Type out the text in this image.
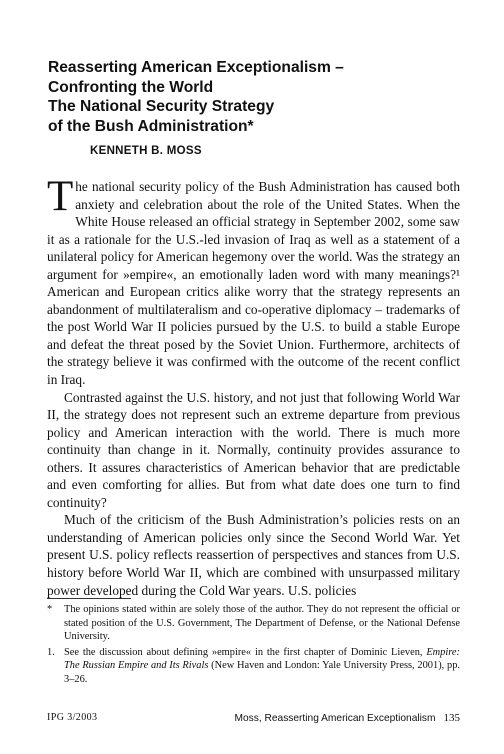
Reasserting American Exceptionalism –
Confronting the World
The National Security Strategy
of the Bush Administration*
KENNETH B. MOSS

The national security policy of the Bush Administration has caused both anxiety and celebration about the role of the United States. When the White House released an official strategy in September 2002, some saw it as a rationale for the U.S.-led invasion of Iraq as well as a statement of a unilateral policy for American hegemony over the world. Was the strategy an argument for »empire«, an emotionally laden word with many meanings?¹ American and European critics alike worry that the strategy represents an abandonment of multilateralism and co-operative diplomacy – trademarks of the post World War II policies pursued by the U.S. to build a stable Europe and defeat the threat posed by the Soviet Union. Furthermore, architects of the strategy believe it was confirmed with the outcome of the recent conflict in Iraq.

Contrasted against the U.S. history, and not just that following World War II, the strategy does not represent such an extreme departure from previous policy and American interaction with the world. There is much more continuity than change in it. Normally, continuity provides assurance to others. It assures characteristics of American behavior that are predictable and even comforting for allies. But from what date does one turn to find continuity?

Much of the criticism of the Bush Administration’s policies rests on an understanding of American policies only since the Second World War. Yet present U.S. policy reflects reassertion of perspectives and stances from U.S. history before World War II, which are combined with unsurpassed military power developed during the Cold War years. U.S. policies

* The opinions stated within are solely those of the author. They do not represent the official or stated position of the U.S. Government, The Department of Defense, or the National Defense University.
1. See the discussion about defining »empire« in the first chapter of Dominic Lieven, Empire: The Russian Empire and Its Rivals (New Haven and London: Yale University Press, 2001), pp. 3–26.
IPG 3/2003	Moss, Reasserting American Exceptionalism 135
